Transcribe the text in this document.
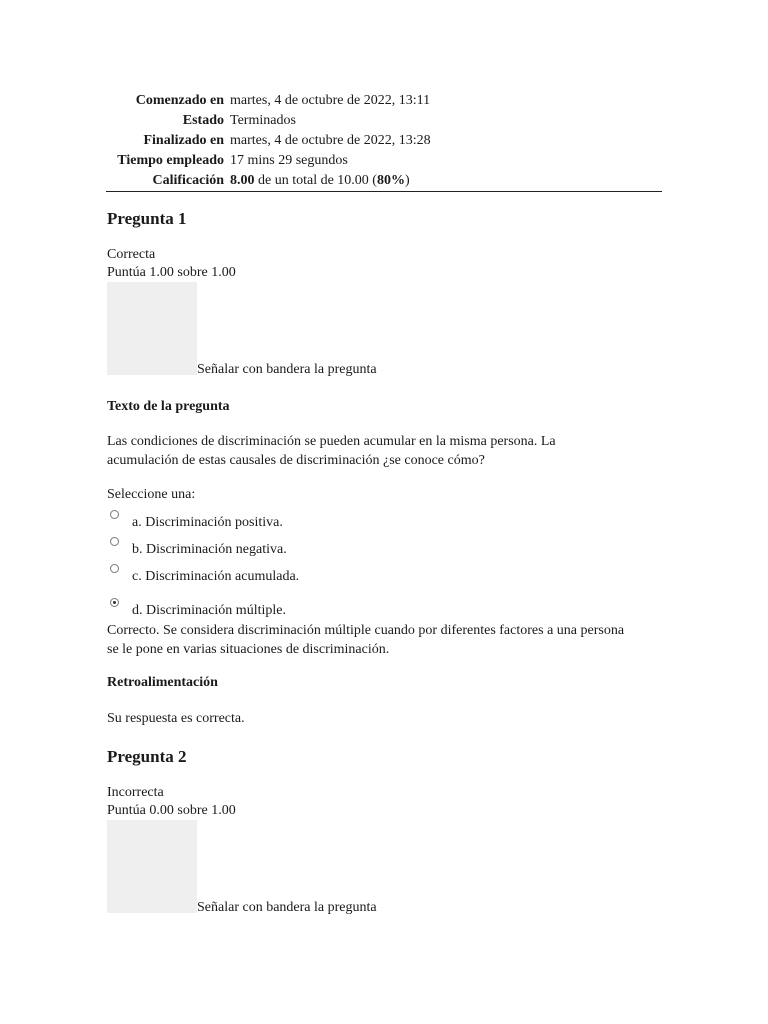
Comenzado en	martes, 4 de octubre de 2022, 13:11
Estado	Terminados
Finalizado en	martes, 4 de octubre de 2022, 13:28
Tiempo empleado	17 mins 29 segundos
Calificación	8.00 de un total de 10.00 (80%)
Pregunta 1
Correcta
Puntúa 1.00 sobre 1.00
Señalar con bandera la pregunta
Texto de la pregunta
Las condiciones de discriminación se pueden acumular en la misma persona. La acumulación de estas causales de discriminación ¿se conoce cómo?
Seleccione una:
a. Discriminación positiva.
b. Discriminación negativa.
c. Discriminación acumulada.
d. Discriminación múltiple.
Correcto. Se considera discriminación múltiple cuando por diferentes factores a una persona se le pone en varias situaciones de discriminación.
Retroalimentación
Su respuesta es correcta.
Pregunta 2
Incorrecta
Puntúa 0.00 sobre 1.00
Señalar con bandera la pregunta
